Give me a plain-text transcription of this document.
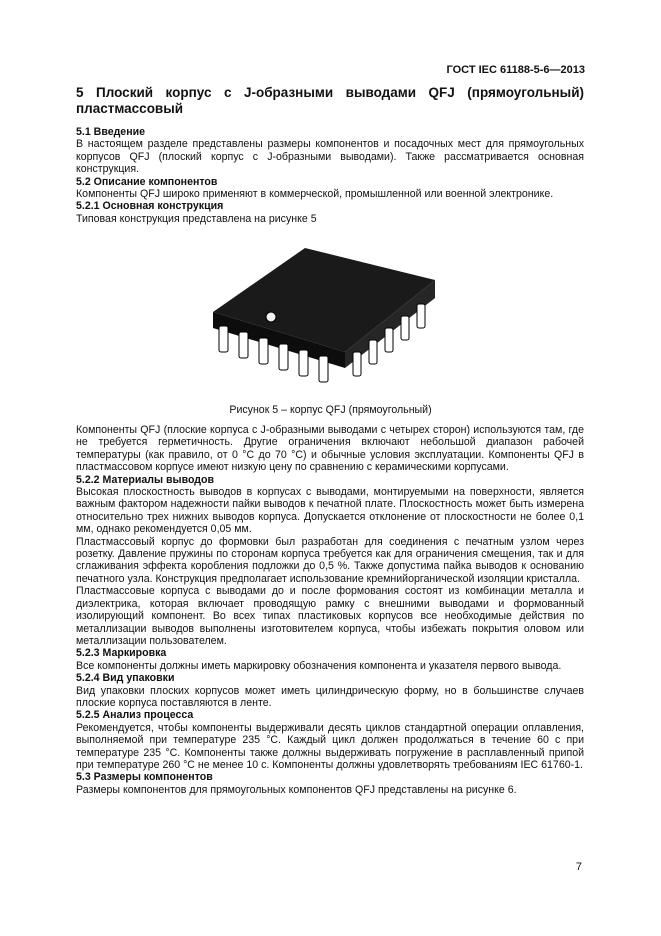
ГОСТ IEC 61188-5-6—2013
5 Плоский корпус с J-образными выводами QFJ (прямоугольный) пластмассовый
5.1 Введение
В настоящем разделе представлены размеры компонентов и посадочных мест для прямоугольных корпусов QFJ (плоский корпус с J-образными выводами). Также рассматривается основная конструкция.
5.2 Описание компонентов
Компоненты QFJ широко применяют в коммерческой, промышленной или военной электронике.
5.2.1 Основная конструкция
Типовая конструкция представлена на рисунке 5
Рисунок 5 – корпус QFJ (прямоугольный)
Компоненты QFJ (плоские корпуса с J-образными выводами с четырех сторон) используются там, где не требуется герметичность. Другие ограничения включают небольшой диапазон рабочей температуры (как правило, от 0 °С до 70 °С) и обычные условия эксплуатации. Компоненты QFJ в пластмассовом корпусе имеют низкую цену по сравнению с керамическими корпусами.
5.2.2 Материалы выводов
Высокая плоскостность выводов в корпусах с выводами, монтируемыми на поверхности, является важным фактором надежности пайки выводов к печатной плате. Плоскостность может быть измерена относительно трех нижних выводов корпуса. Допускается отклонение от плоскостности не более 0,1 мм, однако рекомендуется 0,05 мм.
Пластмассовый корпус до формовки был разработан для соединения с печатным узлом через розетку. Давление пружины по сторонам корпуса требуется как для ограничения смещения, так и для сглаживания эффекта коробления подложки до 0,5 %. Также допустима пайка выводов к основанию печатного узла. Конструкция предполагает использование кремнийорганической изоляции кристалла.
Пластмассовые корпуса с выводами до и после формования состоят из комбинации металла и диэлектрика, которая включает проводящую рамку с внешними выводами и формованный изолирующий компонент. Во всех типах пластиковых корпусов все необходимые действия по металлизации выводов выполнены изготовителем корпуса, чтобы избежать покрытия оловом или металлизации пользователем.
5.2.3 Маркировка
Все компоненты должны иметь маркировку обозначения компонента и указателя первого вывода.
5.2.4 Вид упаковки
Вид упаковки плоских корпусов может иметь цилиндрическую форму, но в большинстве случаев плоские корпуса поставляются в ленте.
5.2.5 Анализ процесса
Рекомендуется, чтобы компоненты выдерживали десять циклов стандартной операции оплавления, выполняемой при температуре 235 °С. Каждый цикл должен продолжаться в течение 60 с при температуре 235 °С. Компоненты также должны выдерживать погружение в расплавленный припой при температуре 260 °С не менее 10 с. Компоненты должны удовлетворять требованиям IEC 61760-1.
5.3 Размеры компонентов
Размеры компонентов для прямоугольных компонентов QFJ представлены на рисунке 6.
7
